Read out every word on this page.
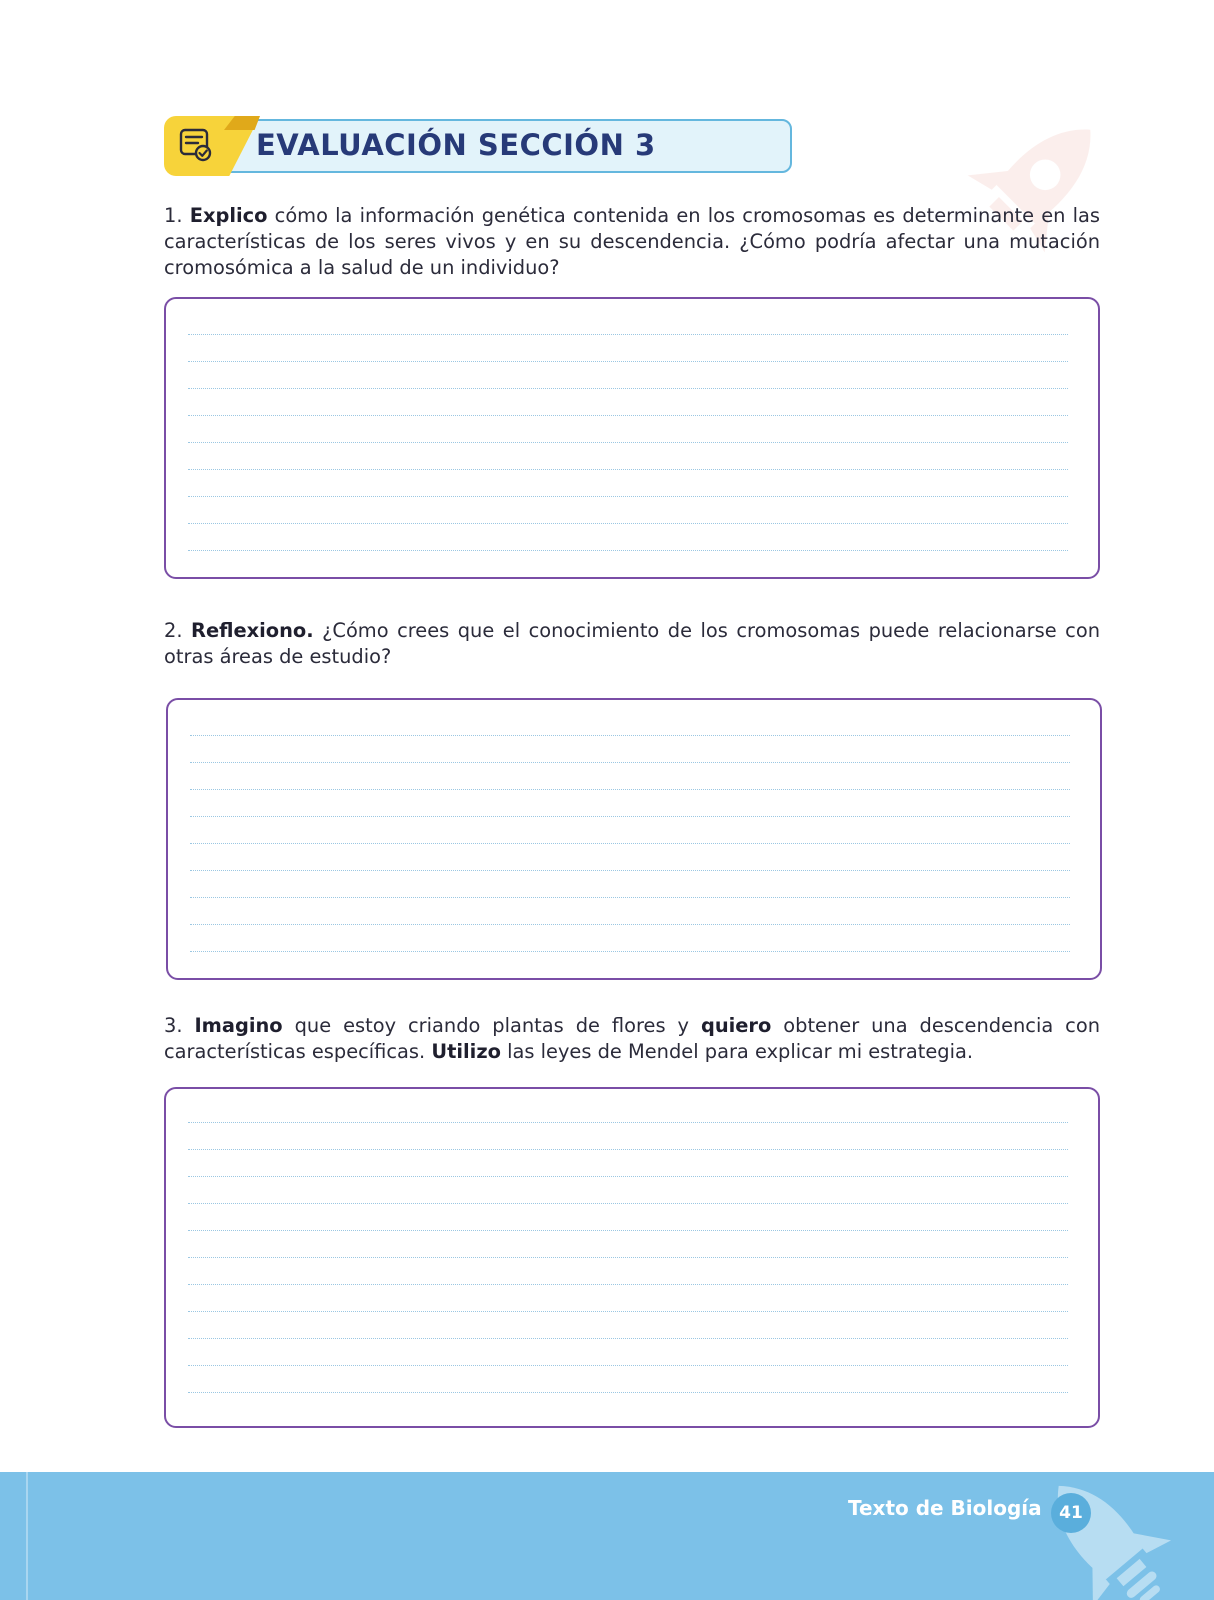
EVALUACIÓN SECCIÓN 3
1. Explico cómo la información genética contenida en los cromosomas es determinante en las características de los seres vivos y en su descendencia. ¿Cómo podría afectar una mutación cromosómica a la salud de un individuo?
2. Reflexiono. ¿Cómo crees que el conocimiento de los cromosomas puede relacionarse con otras áreas de estudio?
3. Imagino que estoy criando plantas de flores y quiero obtener una descendencia con características específicas. Utilizo las leyes de Mendel para explicar mi estrategia.
Texto de Biología	41
